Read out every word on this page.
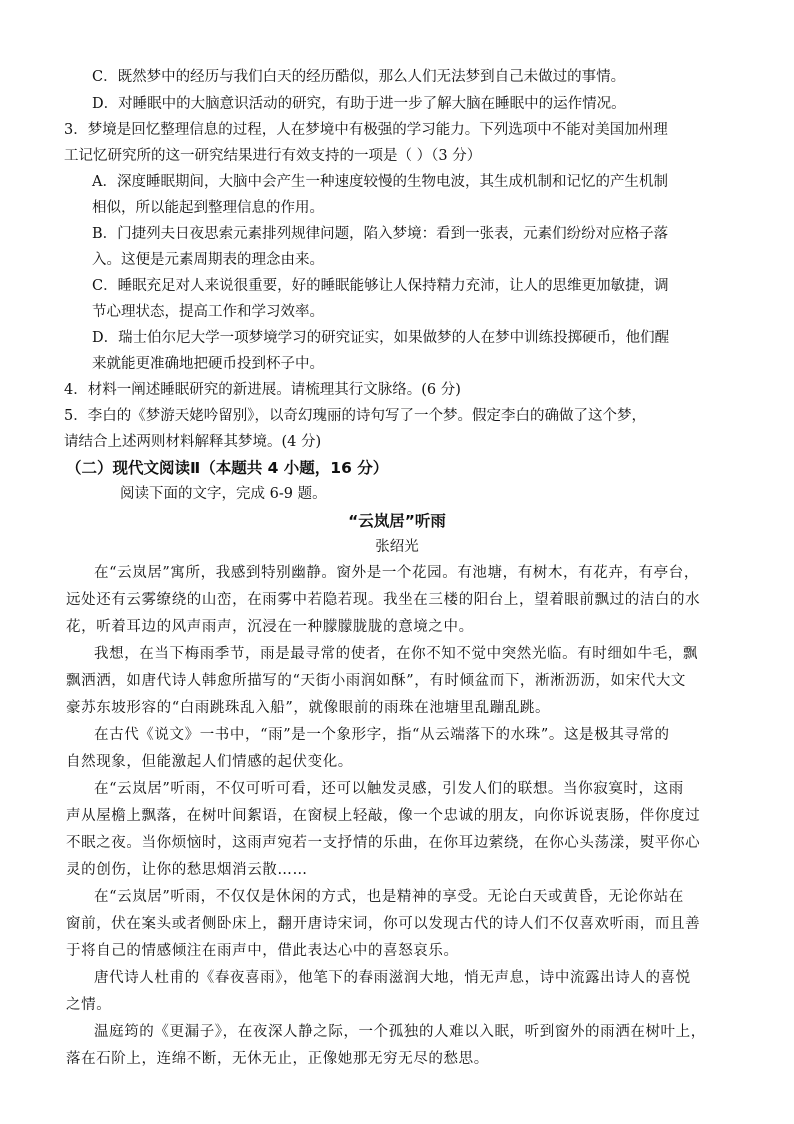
C．既然梦中的经历与我们白天的经历酷似，那么人们无法梦到自己未做过的事情。
D．对睡眠中的大脑意识活动的研究，有助于进一步了解大脑在睡眠中的运作情况。
3．梦境是回忆整理信息的过程，人在梦境中有极强的学习能力。下列选项中不能对美国加州理
工记忆研究所的这一研究结果进行有效支持的一项是（ ）（3 分）
A．深度睡眠期间，大脑中会产生一种速度较慢的生物电波，其生成机制和记忆的产生机制
相似，所以能起到整理信息的作用。
B．门捷列夫日夜思索元素排列规律问题，陷入梦境：看到一张表，元素们纷纷对应格子落
入。这便是元素周期表的理念由来。
C．睡眠充足对人来说很重要，好的睡眠能够让人保持精力充沛，让人的思维更加敏捷，调
节心理状态，提高工作和学习效率。
D．瑞士伯尔尼大学一项梦境学习的研究证实，如果做梦的人在梦中训练投掷硬币，他们醒
来就能更准确地把硬币投到杯子中。
4．材料一阐述睡眠研究的新进展。请梳理其行文脉络。(6 分)
5．李白的《梦游天姥吟留别》，以奇幻瑰丽的诗句写了一个梦。假定李白的确做了这个梦，
请结合上述两则材料解释其梦境。(4 分)
（二）现代文阅读Ⅱ（本题共 4 小题，16 分）
阅读下面的文字，完成 6-9 题。
“云岚居”听雨
张绍光
在“云岚居”寓所，我感到特别幽静。窗外是一个花园。有池塘，有树木，有花卉，有亭台，
远处还有云雾缭绕的山峦，在雨雾中若隐若现。我坐在三楼的阳台上，望着眼前飘过的洁白的水
花，听着耳边的风声雨声，沉浸在一种朦朦胧胧的意境之中。
我想，在当下梅雨季节，雨是最寻常的使者，在你不知不觉中突然光临。有时细如牛毛，飘
飘洒洒，如唐代诗人韩愈所描写的“天街小雨润如酥”，有时倾盆而下，淅淅沥沥，如宋代大文
豪苏东坡形容的“白雨跳珠乱入船”，就像眼前的雨珠在池塘里乱蹦乱跳。
在古代《说文》一书中，“雨”是一个象形字，指“从云端落下的水珠”。这是极其寻常的
自然现象，但能激起人们情感的起伏变化。
在“云岚居”听雨，不仅可听可看，还可以触发灵感，引发人们的联想。当你寂寞时，这雨
声从屋檐上飘落，在树叶间絮语，在窗棂上轻敲，像一个忠诚的朋友，向你诉说衷肠，伴你度过
不眠之夜。当你烦恼时，这雨声宛若一支抒情的乐曲，在你耳边萦绕，在你心头荡漾，熨平你心
灵的创伤，让你的愁思烟消云散……
在“云岚居”听雨，不仅仅是休闲的方式，也是精神的享受。无论白天或黄昏，无论你站在
窗前，伏在案头或者侧卧床上，翻开唐诗宋词，你可以发现古代的诗人们不仅喜欢听雨，而且善
于将自己的情感倾注在雨声中，借此表达心中的喜怒哀乐。
唐代诗人杜甫的《春夜喜雨》，他笔下的春雨滋润大地，悄无声息，诗中流露出诗人的喜悦
之情。
温庭筠的《更漏子》，在夜深人静之际，一个孤独的人难以入眠，听到窗外的雨洒在树叶上，
落在石阶上，连绵不断，无休无止，正像她那无穷无尽的愁思。
